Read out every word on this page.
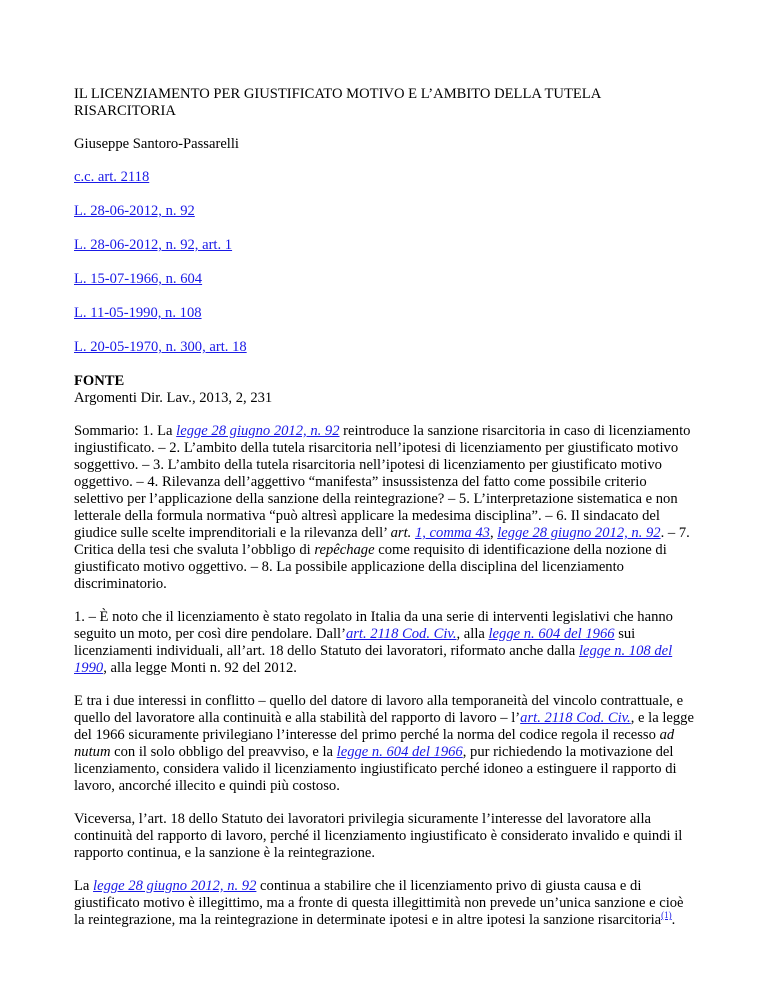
IL LICENZIAMENTO PER GIUSTIFICATO MOTIVO E L’AMBITO DELLA TUTELA RISARCITORIA

Giuseppe Santoro-Passarelli

c.c. art. 2118
L. 28-06-2012, n. 92
L. 28-06-2012, n. 92, art. 1
L. 15-07-1966, n. 604
L. 11-05-1990, n. 108
L. 20-05-1970, n. 300, art. 18
FONTE
Argomenti Dir. Lav., 2013, 2, 231

Sommario: 1. La legge 28 giugno 2012, n. 92 reintroduce la sanzione risarcitoria in caso di licenziamento ingiustificato. – 2. L’ambito della tutela risarcitoria nell’ipotesi di licenziamento per giustificato motivo soggettivo. – 3. L’ambito della tutela risarcitoria nell’ipotesi di licenziamento per giustificato motivo oggettivo. – 4. Rilevanza dell’aggettivo “manifesta” insussistenza del fatto come possibile criterio selettivo per l’applicazione della sanzione della reintegrazione? – 5. L’interpretazione sistematica e non letterale della formula normativa “può altresì applicare la medesima disciplina”. – 6. Il sindacato del giudice sulle scelte imprenditoriali e la rilevanza dell’ art. 1, comma 43, legge 28 giugno 2012, n. 92. – 7. Critica della tesi che svaluta l’obbligo di repêchage come requisito di identificazione della nozione di giustificato motivo oggettivo. – 8. La possibile applicazione della disciplina del licenziamento discriminatorio.

1. – È noto che il licenziamento è stato regolato in Italia da una serie di interventi legislativi che hanno seguito un moto, per così dire pendolare. Dall’art. 2118 Cod. Civ., alla legge n. 604 del 1966 sui licenziamenti individuali, all’art. 18 dello Statuto dei lavoratori, riformato anche dalla legge n. 108 del 1990, alla legge Monti n. 92 del 2012.

E tra i due interessi in conflitto – quello del datore di lavoro alla temporaneità del vincolo contrattuale, e quello del lavoratore alla continuità e alla stabilità del rapporto di lavoro – l’art. 2118 Cod. Civ., e la legge del 1966 sicuramente privilegiano l’interesse del primo perché la norma del codice regola il recesso ad nutum con il solo obbligo del preavviso, e la legge n. 604 del 1966, pur richiedendo la motivazione del licenziamento, considera valido il licenziamento ingiustificato perché idoneo a estinguere il rapporto di lavoro, ancorché illecito e quindi più costoso.

Viceversa, l’art. 18 dello Statuto dei lavoratori privilegia sicuramente l’interesse del lavoratore alla continuità del rapporto di lavoro, perché il licenziamento ingiustificato è considerato invalido e quindi il rapporto continua, e la sanzione è la reintegrazione.

La legge 28 giugno 2012, n. 92 continua a stabilire che il licenziamento privo di giusta causa e di giustificato motivo è illegittimo, ma a fronte di questa illegittimità non prevede un’unica sanzione e cioè la reintegrazione, ma la reintegrazione in determinate ipotesi e in altre ipotesi la sanzione risarcitoria$^{(1)}$.
